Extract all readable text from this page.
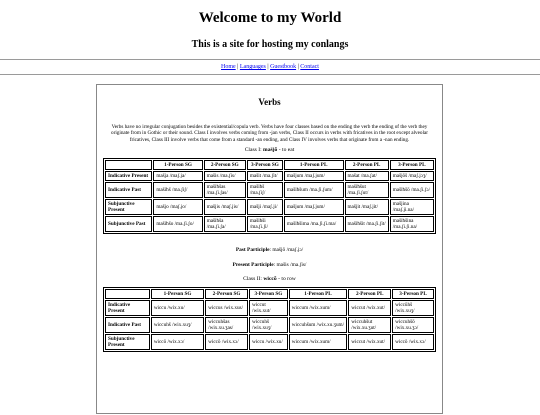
Welcome to my World
This is a site for hosting my conlangs
Home | Languages | Guestbook | Contact
Verbs
Verbs have no irregular conjugation besides the existential/copula verb. Verbs have four classes based on the ending the verb the ending of the verb they originate from in Gothic or their sound. Class I involves verbs coming from -jan verbs, Class II occurs in verbs with fricatives in the root except alveolar fricatives, Class III involve verbs that come from a standard -an ending, and Class IV involves verbs that originate from a -nan ending.
Class I: mašjō - to eat
	1-Person SG	2-Person SG	3-Person SG	1-Person PL	2-Person PL	3-Person PL
Indicative Present	mašja /maʃ.ja/	mašis /ma.ʃis/	mašit /ma.ʃit/	mašjum /maʃ.jum/	mašat /ma.ʃat/	mašjōš /maʃ.jɔʒ/
Indicative Past	mašiħš /ma.ʃiʃ/	mašiħšas /ma.ʃi.ʃas/	mašiħš /ma.ʃiʃ/	mašiħšum /ma.ʃi.ʃum/	mašiħšut /ma.ʃi.ʃut/	mašiħšō /ma.ʃi.ʃɔ/
Subjunctive Present	mašjo /maʃ.jo/	mašjis /maʃ.jis/	mašji /maʃ.ji/	mašjum /maʃ.jum/	mašjit /maʃ.jit/	mašjina /maʃ.ji.na/
Subjunctive Past	mašiħšo /ma.ʃi.ʃo/	mašiħša /ma.ʃi.ʃa/	mašiħši /ma.ʃi.ʃi/	mašiħšima /ma.ʃi.ʃi.ma/	mašiħšit /ma.ʃi.ʃit/	mašiħšina /ma.ʃi.ʃi.na/
Past Participle: mašjō /maʃ.jɔ/
Present Participle: mašis /ma.ʃis/
Class II: wiccō - to row
	1-Person SG	2-Person SG	3-Person SG	1-Person PL	2-Person PL	3-Person PL
Indicative Present	wiccu /wix.xu/	wiccus /wix.xus/	wiccut /wix.xut/	wiccum /wix.xum/	wiccut /wix.xut/	wiccūhš /wix.xuʒ/
Indicative Past	wiccuhš /wix.xuʒ/	wiccuhšas /wix.xu.ʒas/	wiccuhš /wix.xuʒ/	wiccuhšum /wix.xu.ʒum/	wiccuhšut /wix.xu.ʒut/	wiccuhšō /wix.xu.ʒɔ/
Subjunctive Present	wiccō /wix.xɔ/	wiccō /wix.xɔ/	wiccu /wix.xu/	wiccum /wix.xum/	wiccut /wix.xut/	wiccō /wix.xɔ/
